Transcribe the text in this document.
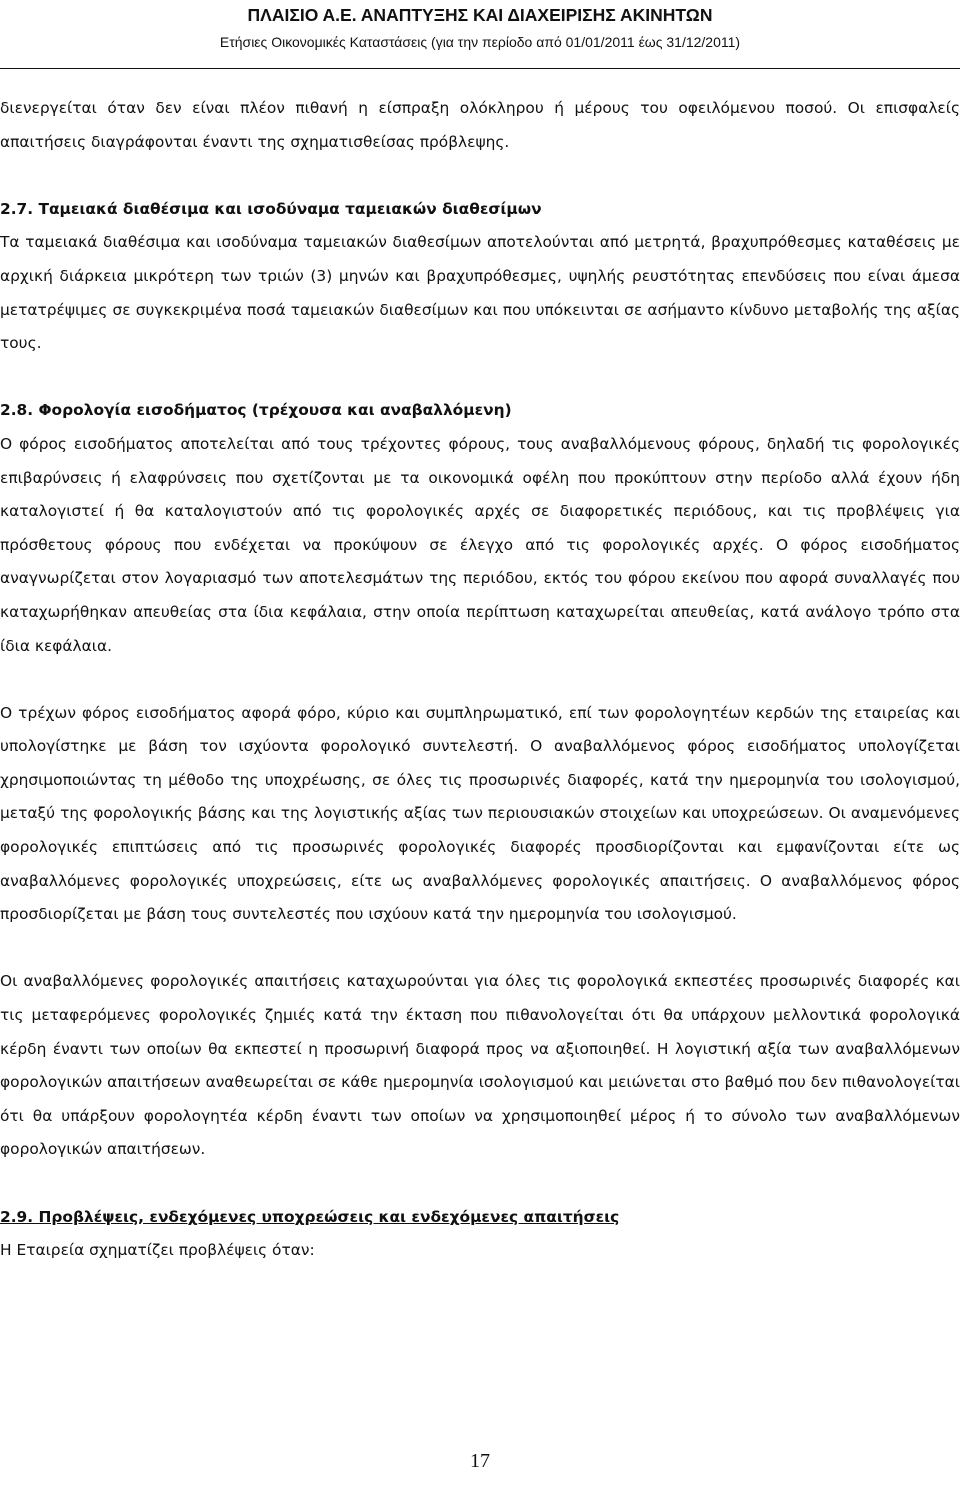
ΠΛΑΙΣΙΟ Α.Ε. ΑΝΑΠΤΥΞΗΣ ΚΑΙ ΔΙΑΧΕΙΡΙΣΗΣ ΑΚΙΝΗΤΩΝ
Ετήσιες Οικονομικές Καταστάσεις (για την περίοδο από 01/01/2011 έως 31/12/2011)

διενεργείται όταν δεν είναι πλέον πιθανή η είσπραξη ολόκληρου ή μέρους του οφειλόμενου ποσού. Οι επισφαλείς απαιτήσεις διαγράφονται έναντι της σχηματισθείσας πρόβλεψης.

2.7. Ταμειακά διαθέσιμα και ισοδύναμα ταμειακών διαθεσίμων

Τα ταμειακά διαθέσιμα και ισοδύναμα ταμειακών διαθεσίμων αποτελούνται από μετρητά, βραχυπρόθεσμες καταθέσεις με αρχική διάρκεια μικρότερη των τριών (3) μηνών και βραχυπρόθεσμες, υψηλής ρευστότητας επενδύσεις που είναι άμεσα μετατρέψιμες σε συγκεκριμένα ποσά ταμειακών διαθεσίμων και που υπόκεινται σε ασήμαντο κίνδυνο μεταβολής της αξίας τους.

2.8. Φορολογία εισοδήματος (τρέχουσα και αναβαλλόμενη)

Ο φόρος εισοδήματος αποτελείται από τους τρέχοντες φόρους, τους αναβαλλόμενους φόρους, δηλαδή τις φορολογικές επιβαρύνσεις ή ελαφρύνσεις που σχετίζονται με τα οικονομικά οφέλη που προκύπτουν στην περίοδο αλλά έχουν ήδη καταλογιστεί ή θα καταλογιστούν από τις φορολογικές αρχές σε διαφορετικές περιόδους, και τις προβλέψεις για πρόσθετους φόρους που ενδέχεται να προκύψουν σε έλεγχο από τις φορολογικές αρχές. Ο φόρος εισοδήματος αναγνωρίζεται στον λογαριασμό των αποτελεσμάτων της περιόδου, εκτός του φόρου εκείνου που αφορά συναλλαγές που καταχωρήθηκαν απευθείας στα ίδια κεφάλαια, στην οποία περίπτωση καταχωρείται απευθείας, κατά ανάλογο τρόπο στα ίδια κεφάλαια.

Ο τρέχων φόρος εισοδήματος αφορά φόρο, κύριο και συμπληρωματικό, επί των φορολογητέων κερδών της εταιρείας και υπολογίστηκε με βάση τον ισχύοντα φορολογικό συντελεστή. Ο αναβαλλόμενος φόρος εισοδήματος υπολογίζεται χρησιμοποιώντας τη μέθοδο της υποχρέωσης, σε όλες τις προσωρινές διαφορές, κατά την ημερομηνία του ισολογισμού, μεταξύ της φορολογικής βάσης και της λογιστικής αξίας των περιουσιακών στοιχείων και υποχρεώσεων. Οι αναμενόμενες φορολογικές επιπτώσεις από τις προσωρινές φορολογικές διαφορές προσδιορίζονται και εμφανίζονται είτε ως αναβαλλόμενες φορολογικές υποχρεώσεις, είτε ως αναβαλλόμενες φορολογικές απαιτήσεις. Ο αναβαλλόμενος φόρος προσδιορίζεται με βάση τους συντελεστές που ισχύουν κατά την ημερομηνία του ισολογισμού.

Οι αναβαλλόμενες φορολογικές απαιτήσεις καταχωρούνται για όλες τις φορολογικά εκπεστέες προσωρινές διαφορές και τις μεταφερόμενες φορολογικές ζημιές κατά την έκταση που πιθανολογείται ότι θα υπάρχουν μελλοντικά φορολογικά κέρδη έναντι των οποίων θα εκπεστεί η προσωρινή διαφορά προς να αξιοποιηθεί. Η λογιστική αξία των αναβαλλόμενων φορολογικών απαιτήσεων αναθεωρείται σε κάθε ημερομηνία ισολογισμού και μειώνεται στο βαθμό που δεν πιθανολογείται ότι θα υπάρξουν φορολογητέα κέρδη έναντι των οποίων να χρησιμοποιηθεί μέρος ή το σύνολο των αναβαλλόμενων φορολογικών απαιτήσεων.

2.9. Προβλέψεις, ενδεχόμενες υποχρεώσεις και ενδεχόμενες απαιτήσεις

Η Εταιρεία σχηματίζει προβλέψεις όταν:

17
